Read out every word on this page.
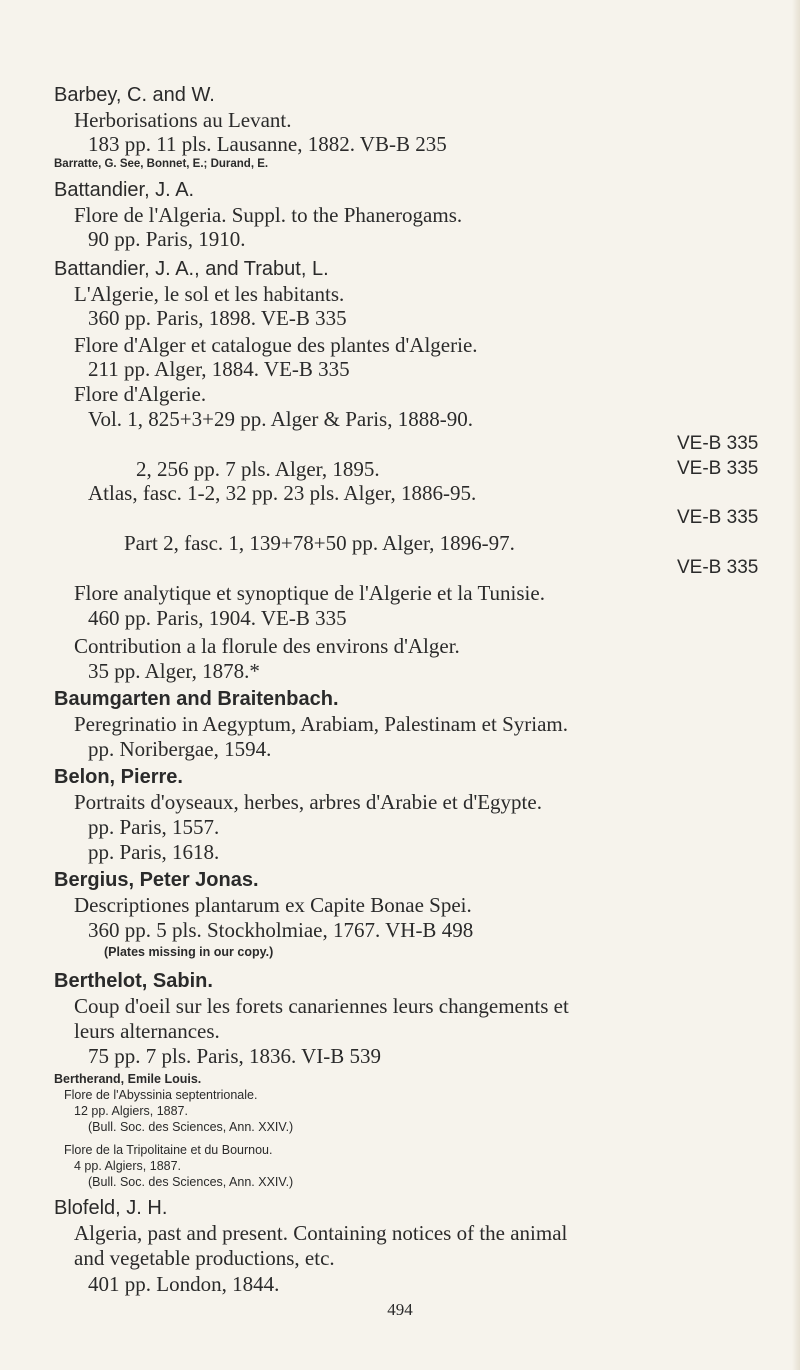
Barbey, C. and W.
Herborisations au Levant.
183 pp. 11 pls. Lausanne, 1882. VB-B 235
Barratte, G. See, Bonnet, E.; Durand, E.
Battandier, J. A.
Flore de l'Algeria. Suppl. to the Phanerogams.
90 pp. Paris, 1910.
Battandier, J. A., and Trabut, L.
L'Algerie, le sol et les habitants.
360 pp. Paris, 1898. VE-B 335
Flore d'Alger et catalogue des plantes d'Algerie.
211 pp. Alger, 1884. VE-B 335
Flore d'Algerie.
Vol. 1, 825+3+29 pp. Alger & Paris, 1888-90.
VE-B 335
2, 256 pp. 7 pls. Alger, 1895.	VE-B 335
Atlas, fasc. 1-2, 32 pp. 23 pls. Alger, 1886-95.
VE-B 335
Part 2, fasc. 1, 139+78+50 pp. Alger, 1896-97.
VE-B 335
Flore analytique et synoptique de l'Algerie et la Tunisie.
460 pp. Paris, 1904. VE-B 335
Contribution a la florule des environs d'Alger.
35 pp. Alger, 1878.*
Baumgarten and Braitenbach.
Peregrinatio in Aegyptum, Arabiam, Palestinam et Syriam.
pp. Noribergae, 1594.
Belon, Pierre.
Portraits d'oyseaux, herbes, arbres d'Arabie et d'Egypte.
pp. Paris, 1557.
pp. Paris, 1618.
Bergius, Peter Jonas.
Descriptiones plantarum ex Capite Bonae Spei.
360 pp. 5 pls. Stockholmiae, 1767. VH-B 498
(Plates missing in our copy.)
Berthelot, Sabin.
Coup d'oeil sur les forets canariennes leurs changements et
leurs alternances.
75 pp. 7 pls. Paris, 1836. VI-B 539
Bertherand, Emile Louis.
Flore de l'Abyssinia septentrionale.
12 pp. Algiers, 1887.
(Bull. Soc. des Sciences, Ann. XXIV.)
Flore de la Tripolitaine et du Bournou.
4 pp. Algiers, 1887.
(Bull. Soc. des Sciences, Ann. XXIV.)
Blofeld, J. H.
Algeria, past and present. Containing notices of the animal
and vegetable productions, etc.
401 pp. London, 1844.
494
